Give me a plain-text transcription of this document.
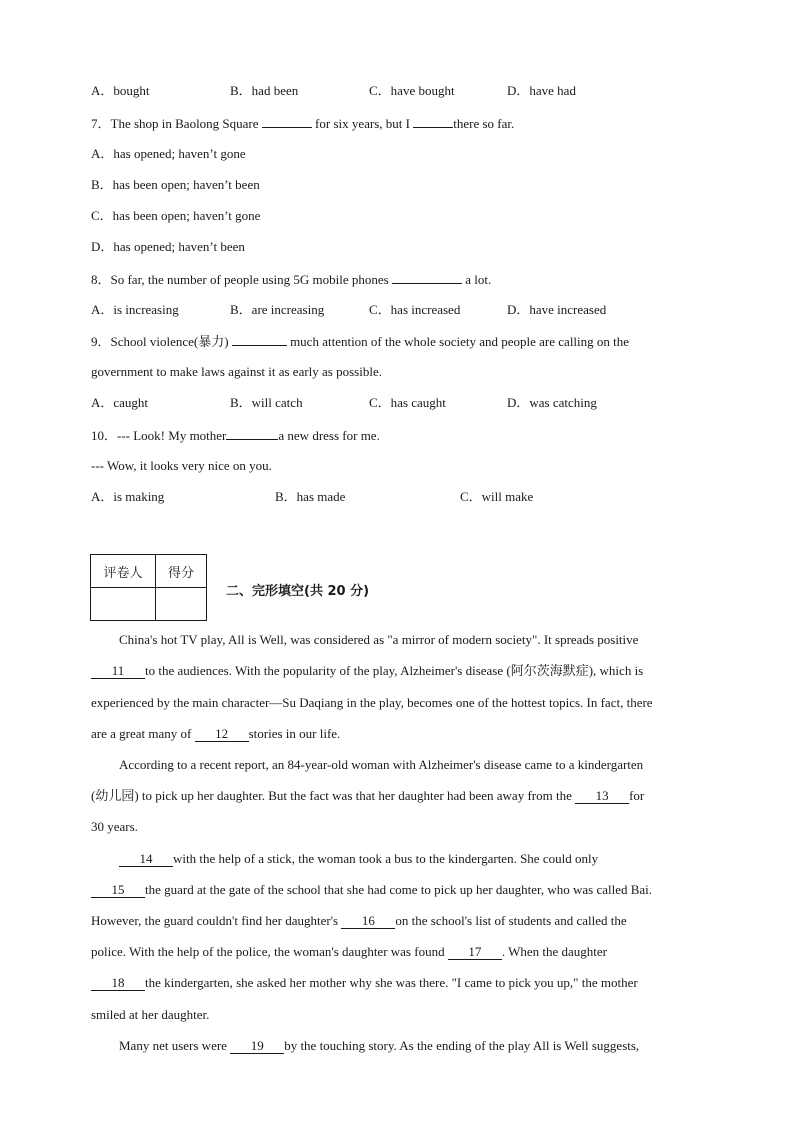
A．bought	B．had been	C．have bought	D．have had
7．The shop in Baolong Square	for six years, but I	there so far.
A．has opened; haven’t gone
B．has been open; haven’t been
C．has been open; haven’t gone
D．has opened; haven’t been
8．So far, the number of people using 5G mobile phones	a lot.
A．is increasing	B．are increasing	C．has increased	D．have increased
9．School violence(暴力)	much attention of the whole society and people are calling on the
government to make laws against it as early as possible.
A．caught	B．will catch	C．has caught	D．was catching
10．--- Look! My mother	a new dress for me.
--- Wow, it looks very nice on you.
A．is making	B．has made	C．will make
评卷人	得分

二、完形填空(共 20 分)
China's hot TV play, All is Well, was considered as "a mirror of modern society". It spreads positive
11 to the audiences. With the popularity of the play, Alzheimer's disease (阿尔茨海默症), which is
experienced by the main character—Su Daqiang in the play, becomes one of the hottest topics. In fact, there
are a great many of 12 stories in our life.
According to a recent report, an 84-year-old woman with Alzheimer's disease came to a kindergarten
(幼儿园) to pick up her daughter. But the fact was that her daughter had been away from the 13 for
30 years.
14 with the help of a stick, the woman took a bus to the kindergarten. She could only
15 the guard at the gate of the school that she had come to pick up her daughter, who was called Bai.
However, the guard couldn't find her daughter's 16 on the school's list of students and called the
police. With the help of the police, the woman's daughter was found 17 . When the daughter
18 the kindergarten, she asked her mother why she was there. "I came to pick you up," the mother
smiled at her daughter.
Many net users were 19 by the touching story. As the ending of the play All is Well suggests,
